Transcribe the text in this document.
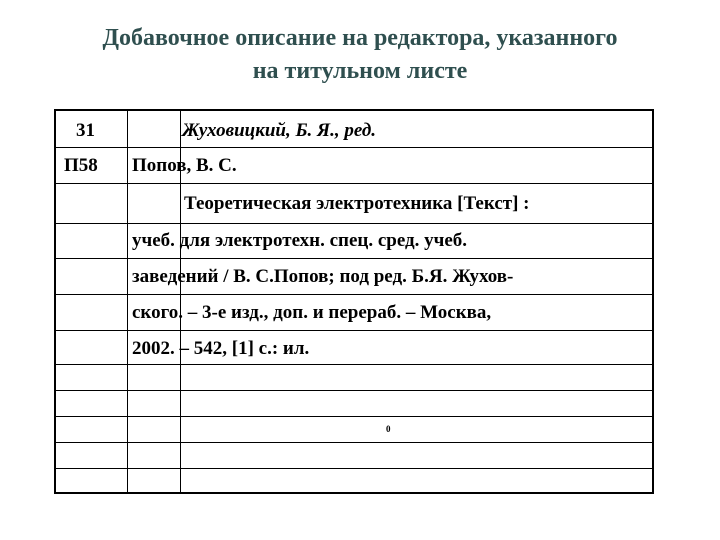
Добавочное описание на редактора, указанного
на титульном листе
31
П58
Жуховицкий, Б. Я., ред.
Попов, В. С.
Теоретическая электротехника [Текст] :
учеб. для электротехн. спец. сред. учеб.
заведений / В. С.Попов; под ред. Б.Я. Жухов-
ского. – 3-е изд., доп. и перераб. – Москва,
2002. – 542, [1] с.: ил.
0
